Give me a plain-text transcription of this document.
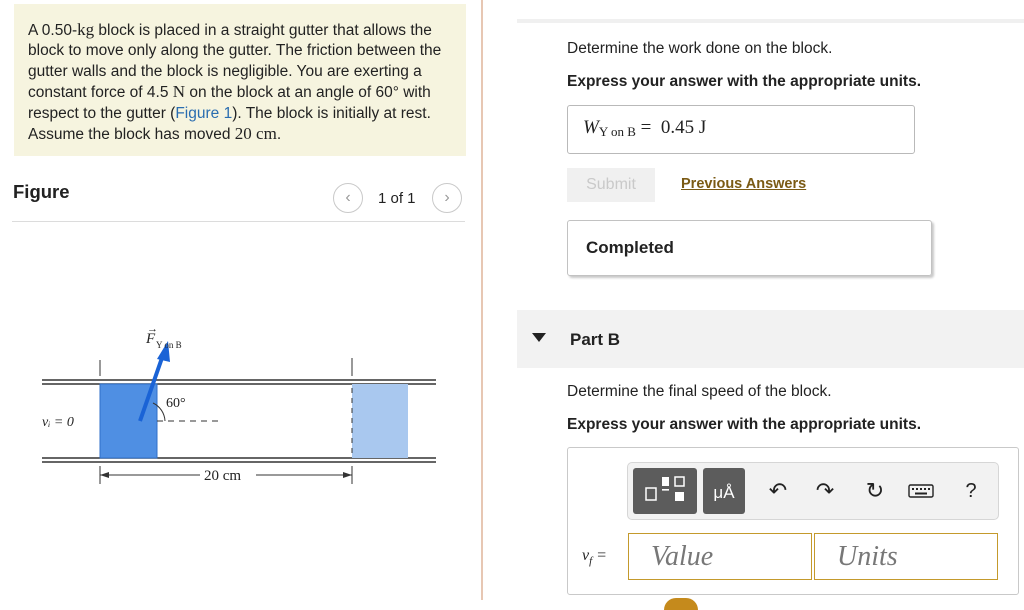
A 0.50-kg block is placed in a straight gutter that allows the block to move only along the gutter. The friction between the gutter walls and the block is negligible. You are exerting a constant force of 4.5 N on the block at an angle of 60° with respect to the gutter (Figure 1). The block is initially at rest. Assume the block has moved 20 cm.
Figure	‹	1 of 1	›
F
→
Y on B
60°
vᵢ = 0
20 cm
Determine the work done on the block.
Express your answer with the appropriate units.
$W_{Y on B} = 0.45$ J
Submit	Previous Answers
Completed
Part B
Determine the final speed of the block.
Express your answer with the appropriate units.
μÅ	↶ ↷ ↻	?
$v_f$ =
Value
Units
